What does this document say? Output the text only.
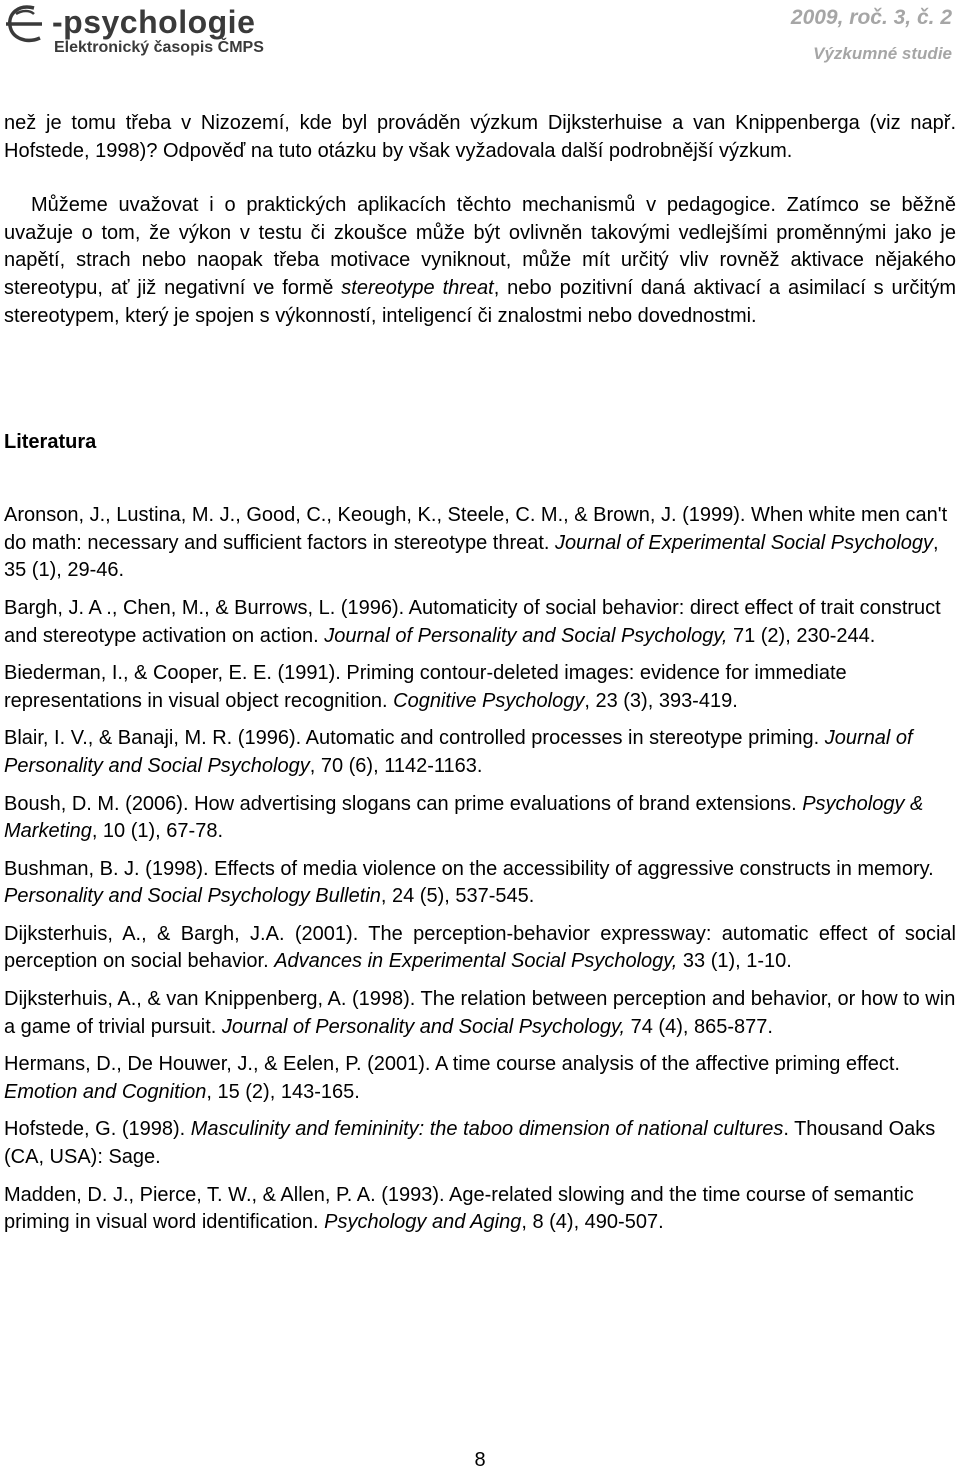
-psychologie
Elektronický časopis ČMPS
2009, roč. 3, č. 2
Výzkumné studie

než je tomu třeba v Nizozemí, kde byl prováděn výzkum Dijksterhuise a van Knippenberga (viz např. Hofstede, 1998)? Odpověď na tuto otázku by však vyžadovala další podrobnější výzkum.

Můžeme uvažovat i o praktických aplikacích těchto mechanismů v pedagogice. Zatímco se běžně uvažuje o tom, že výkon v testu či zkoušce může být ovlivněn takovými vedlejšími proměnnými jako je napětí, strach nebo naopak třeba motivace vyniknout, může mít určitý vliv rovněž aktivace nějakého stereotypu, ať již negativní ve formě stereotype threat, nebo pozitivní daná aktivací a asimilací s určitým stereotypem, který je spojen s výkonností, inteligencí či znalostmi nebo dovednostmi.

Literatura

Aronson, J., Lustina, M. J., Good, C., Keough, K., Steele, C. M., & Brown, J. (1999). When white men can't do math: necessary and sufficient factors in stereotype threat. Journal of Experimental Social Psychology, 35 (1), 29-46.

Bargh, J. A ., Chen, M., & Burrows, L. (1996). Automaticity of social behavior: direct effect of trait construct and stereotype activation on action. Journal of Personality and Social Psychology, 71 (2), 230-244.

Biederman, I., & Cooper, E. E. (1991). Priming contour-deleted images: evidence for immediate representations in visual object recognition. Cognitive Psychology, 23 (3), 393-419.

Blair, I. V., & Banaji, M. R. (1996). Automatic and controlled processes in stereotype priming. Journal of Personality and Social Psychology, 70 (6), 1142-1163.

Boush, D. M. (2006). How advertising slogans can prime evaluations of brand extensions. Psychology & Marketing, 10 (1), 67-78.

Bushman, B. J. (1998). Effects of media violence on the accessibility of aggressive constructs in memory. Personality and Social Psychology Bulletin, 24 (5), 537-545.

Dijksterhuis, A., & Bargh, J.A. (2001). The perception-behavior expressway: automatic effect of social perception on social behavior. Advances in Experimental Social Psychology, 33 (1), 1-10.

Dijksterhuis, A., & van Knippenberg, A. (1998). The relation between perception and behavior, or how to win a game of trivial pursuit. Journal of Personality and Social Psychology, 74 (4), 865-877.

Hermans, D., De Houwer, J., & Eelen, P. (2001). A time course analysis of the affective priming effect. Emotion and Cognition, 15 (2), 143-165.

Hofstede, G. (1998). Masculinity and femininity: the taboo dimension of national cultures. Thousand Oaks (CA, USA): Sage.

Madden, D. J., Pierce, T. W., & Allen, P. A. (1993). Age-related slowing and the time course of semantic priming in visual word identification. Psychology and Aging, 8 (4), 490-507.

8
